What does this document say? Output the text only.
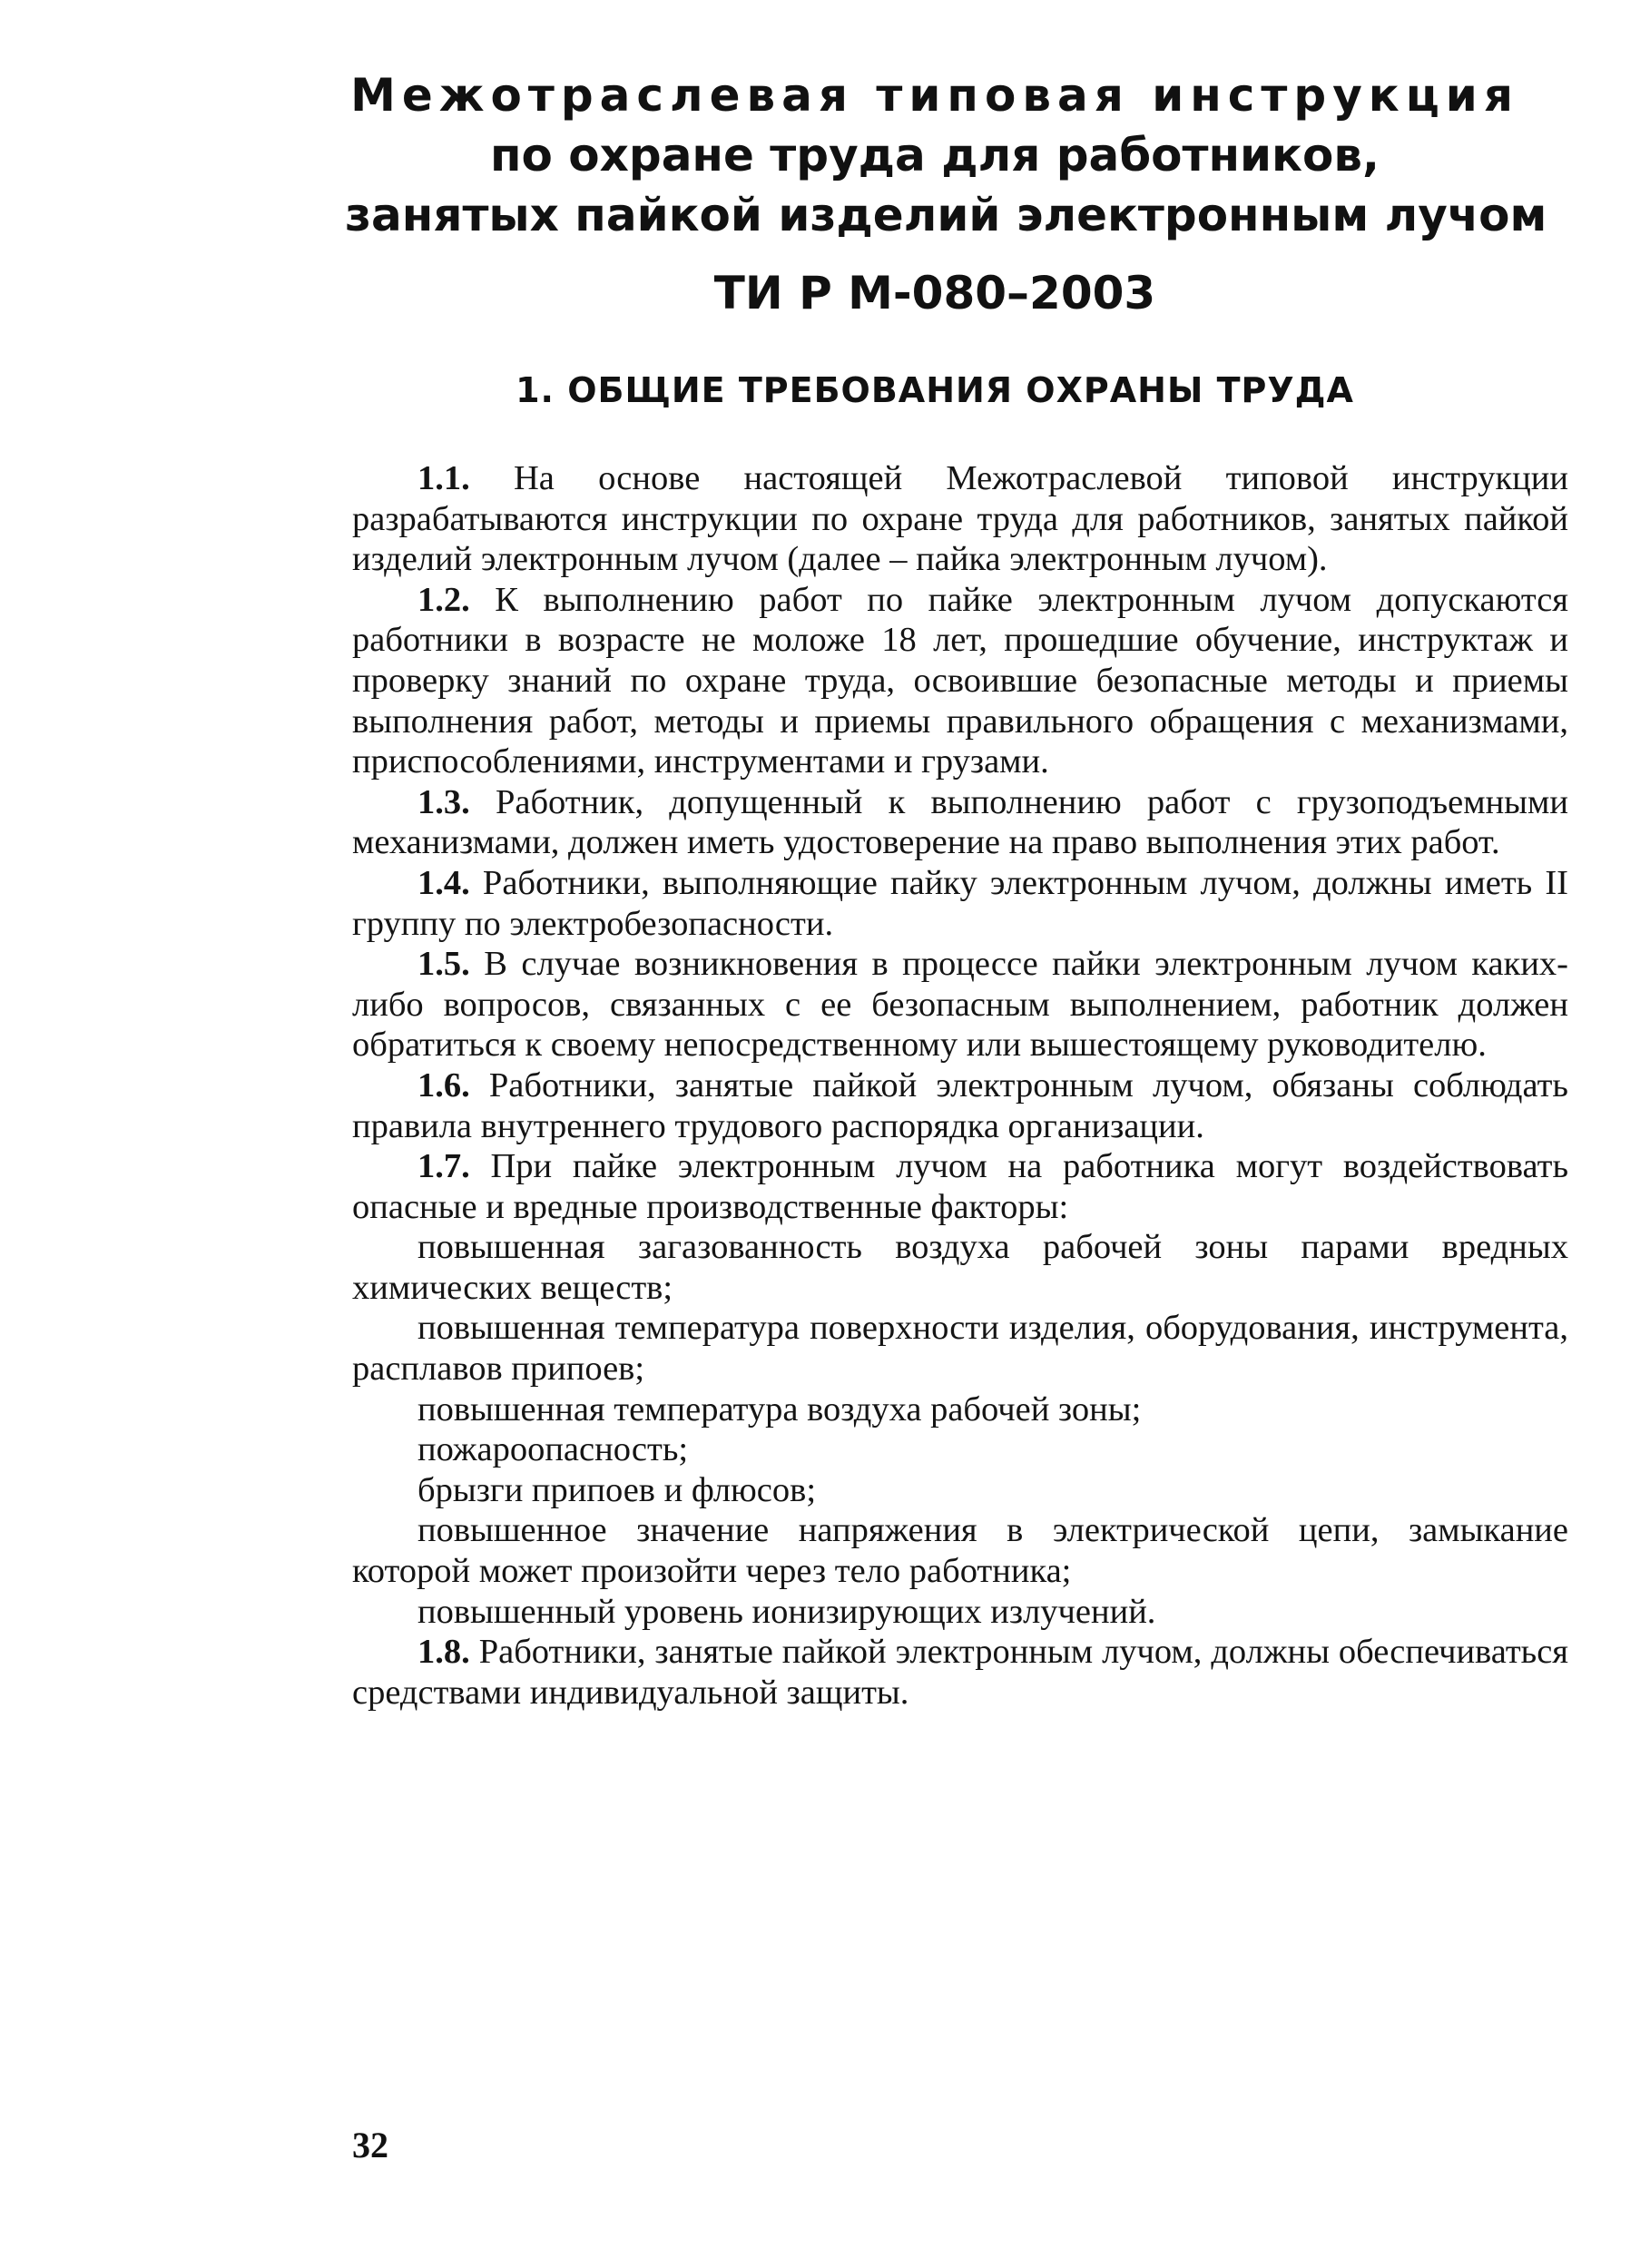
Межотраслевая типовая инструкция
по охране труда для работников,
занятых пайкой изделий электронным лучом
ТИ Р М-080–2003
1. ОБЩИЕ ТРЕБОВАНИЯ ОХРАНЫ ТРУДА

1.1. На основе настоящей Межотраслевой типовой инструкции разрабатываются инструкции по охране труда для работников, занятых пайкой изделий электронным лучом (далее – пайка электронным лучом).

1.2. К выполнению работ по пайке электронным лучом допускаются работники в возрасте не моложе 18 лет, прошедшие обучение, инструктаж и проверку знаний по охране труда, освоившие безопасные методы и приемы выполнения работ, методы и приемы правильного обращения с механизмами, приспособлениями, инструментами и грузами.

1.3. Работник, допущенный к выполнению работ с грузоподъемными механизмами, должен иметь удостоверение на право выполнения этих работ.

1.4. Работники, выполняющие пайку электронным лучом, должны иметь II группу по электробезопасности.

1.5. В случае возникновения в процессе пайки электронным лучом каких-либо вопросов, связанных с ее безопасным выполнением, работник должен обратиться к своему непосредственному или вышестоящему руководителю.

1.6. Работники, занятые пайкой электронным лучом, обязаны соблюдать правила внутреннего трудового распорядка организации.

1.7. При пайке электронным лучом на работника могут воздействовать опасные и вредные производственные факторы:

повышенная загазованность воздуха рабочей зоны парами вредных химических веществ;

повышенная температура поверхности изделия, оборудования, инструмента, расплавов припоев;

повышенная температура воздуха рабочей зоны;

пожароопасность;

брызги припоев и флюсов;

повышенное значение напряжения в электрической цепи, замыкание которой может произойти через тело работника;

повышенный уровень ионизирующих излучений.

1.8. Работники, занятые пайкой электронным лучом, должны обеспечиваться средствами индивидуальной защиты.

32
